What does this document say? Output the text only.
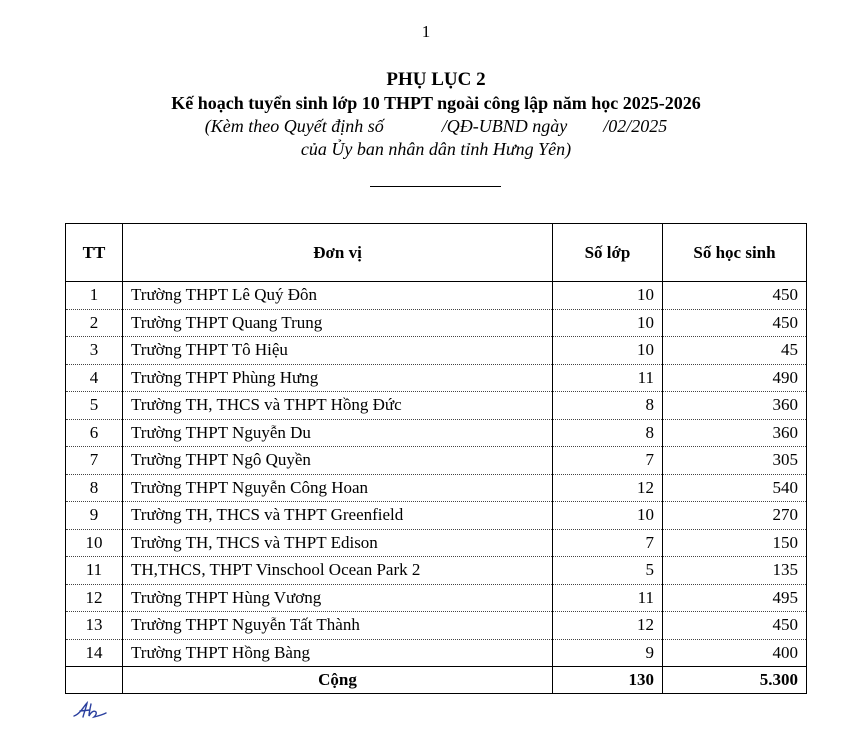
1
PHỤ LỤC 2
Kế hoạch tuyển sinh lớp 10 THPT ngoài công lập năm học 2025-2026
(Kèm theo Quyết định số	/QĐ-UBND ngày /02/2025
của Ủy ban nhân dân tỉnh Hưng Yên)
TT	Đơn vị	Số lớp	Số học sinh
1	Trường THPT Lê Quý Đôn	10	450
2	Trường THPT Quang Trung	10	450
3	Trường THPT Tô Hiệu	10	45
4	Trường THPT Phùng Hưng	11	490
5	Trường TH, THCS và THPT Hồng Đức	8	360
6	Trường THPT Nguyễn Du	8	360
7	Trường THPT Ngô Quyền	7	305
8	Trường THPT Nguyễn Công Hoan	12	540
9	Trường TH, THCS và THPT Greenfield	10	270
10	Trường TH, THCS và THPT Edison	7	150
11	TH,THCS, THPT Vinschool Ocean Park 2	5	135
12	Trường THPT Hùng Vương	11	495
13	Trường THPT Nguyễn Tất Thành	12	450
14	Trường THPT Hồng Bàng	9	400
	Cộng	130	5.300
